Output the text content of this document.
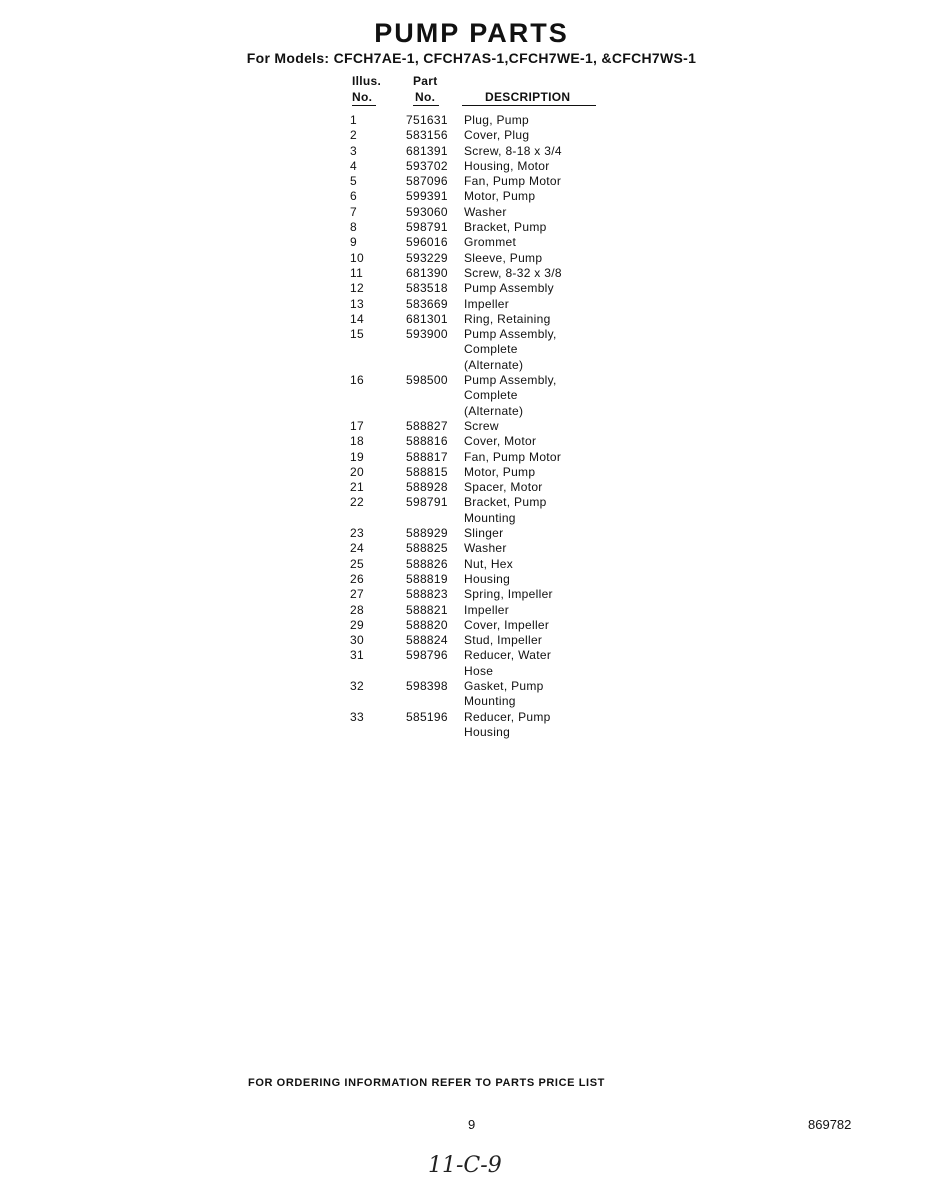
PUMP PARTS
For Models: CFCH7AE-1, CFCH7AS-1,CFCH7WE-1, &CFCH7WS-1
Illus.
No.
Part
No.	DESCRIPTION
1	751631	Plug, Pump
2	583156	Cover, Plug
3	681391	Screw, 8-18 x 3/4
4	593702	Housing, Motor
5	587096	Fan, Pump Motor
6	599391	Motor, Pump
7	593060	Washer
8	598791	Bracket, Pump
9	596016	Grommet
10	593229	Sleeve, Pump
11	681390	Screw, 8-32 x 3/8
12	583518	Pump Assembly
13	583669	Impeller
14	681301	Ring, Retaining
15	593900	Pump Assembly,
Complete
(Alternate)
16	598500	Pump Assembly,
Complete
(Alternate)
17	588827	Screw
18	588816	Cover, Motor
19	588817	Fan, Pump Motor
20	588815	Motor, Pump
21	588928	Spacer, Motor
22	598791	Bracket, Pump
Mounting
23	588929	Slinger
24	588825	Washer
25	588826	Nut, Hex
26	588819	Housing
27	588823	Spring, Impeller
28	588821	Impeller
29	588820	Cover, Impeller
30	588824	Stud, Impeller
31	598796	Reducer, Water
Hose
32	598398	Gasket, Pump
Mounting
33	585196	Reducer, Pump
Housing
FOR ORDERING INFORMATION REFER TO PARTS PRICE LIST
9	869782
11-C-9
